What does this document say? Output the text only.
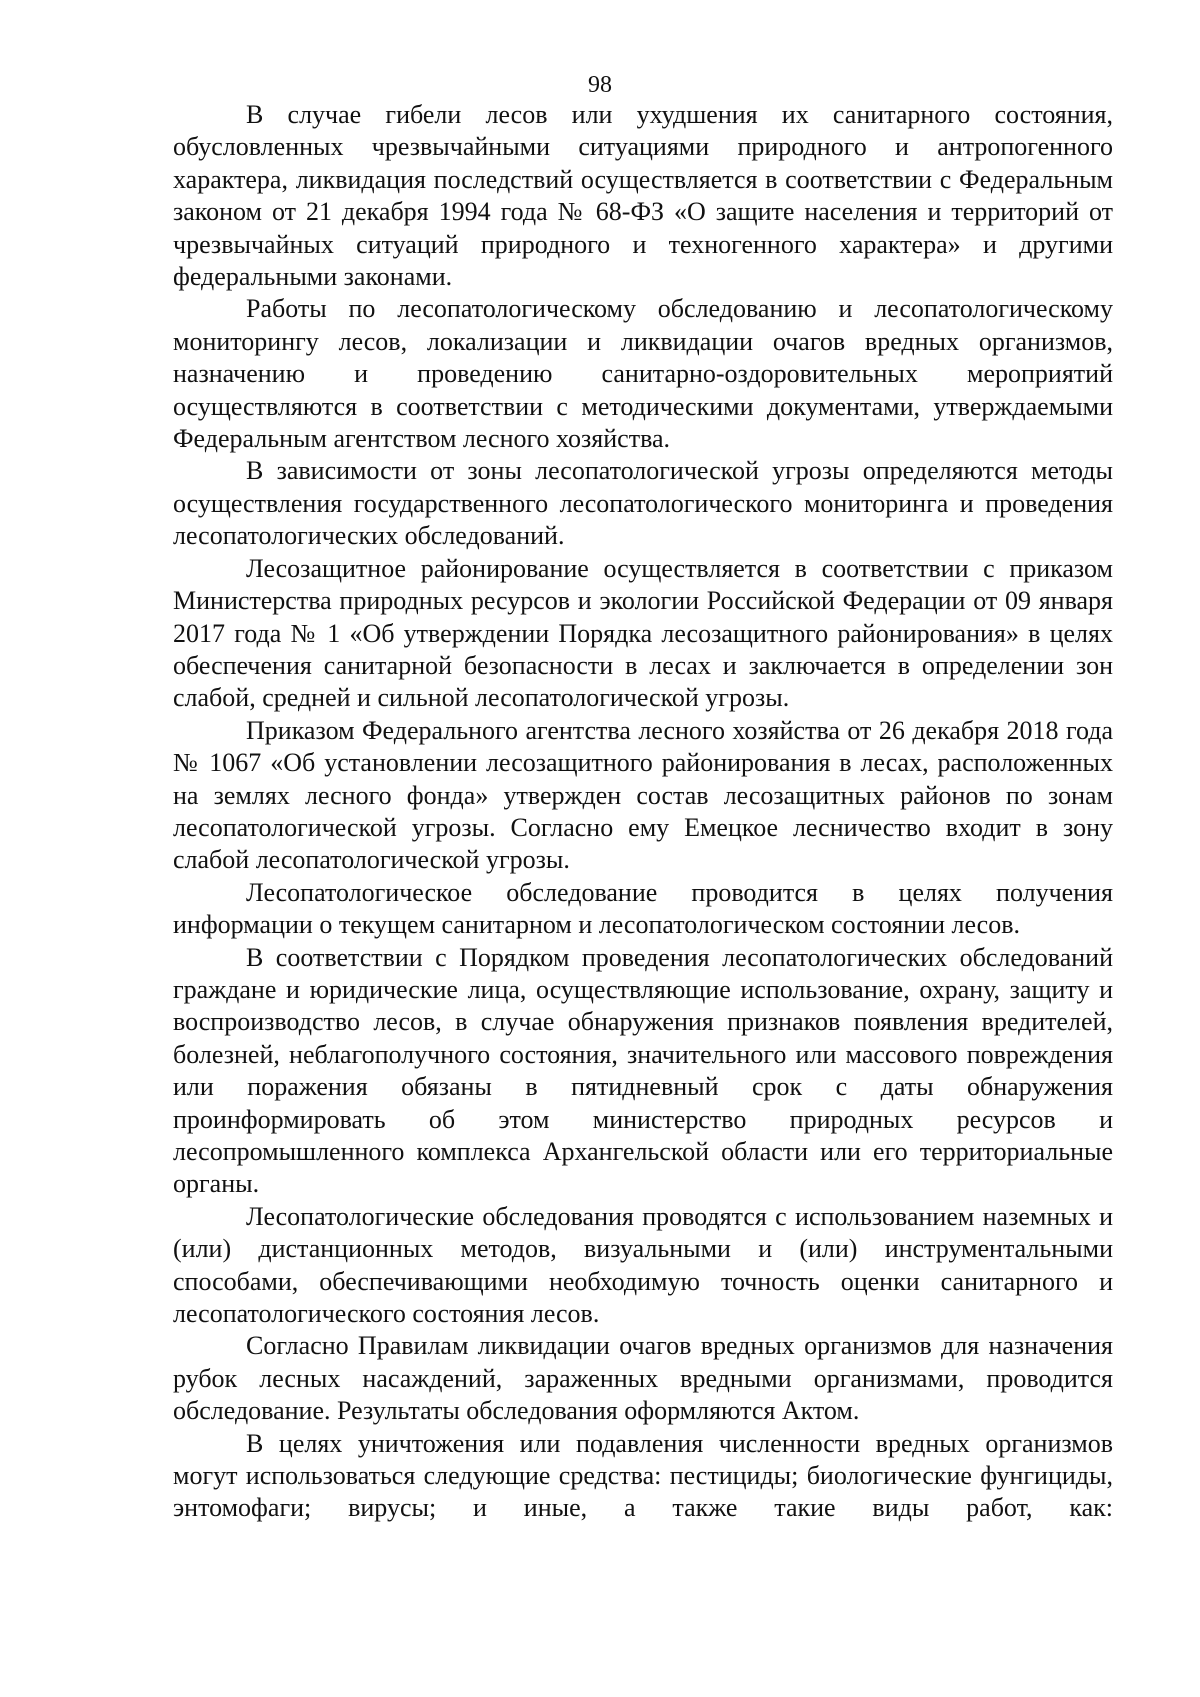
98

В случае гибели лесов или ухудшения их санитарного состояния, обусловленных чрезвычайными ситуациями природного и антропогенного характера, ликвидация последствий осуществляется в соответствии с Федеральным законом от 21 декабря 1994 года № 68-ФЗ «О защите населения и территорий от чрезвычайных ситуаций природного и техногенного характера» и другими федеральными законами.

Работы по лесопатологическому обследованию и лесопатологическому мониторингу лесов, локализации и ликвидации очагов вредных организмов, назначению и проведению санитарно-оздоровительных мероприятий осуществляются в соответствии с методическими документами, утверждаемыми Федеральным агентством лесного хозяйства.

В зависимости от зоны лесопатологической угрозы определяются методы осуществления государственного лесопатологического мониторинга и проведения лесопатологических обследований.

Лесозащитное районирование осуществляется в соответствии с приказом Министерства природных ресурсов и экологии Российской Федерации от 09 января 2017 года № 1 «Об утверждении Порядка лесозащитного районирования» в целях обеспечения санитарной безопасности в лесах и заключается в определении зон слабой, средней и сильной лесопатологической угрозы.

Приказом Федерального агентства лесного хозяйства от 26 декабря 2018 года № 1067 «Об установлении лесозащитного районирования в лесах, расположенных на землях лесного фонда» утвержден состав лесозащитных районов по зонам лесопатологической угрозы. Согласно ему Емецкое лесничество входит в зону слабой лесопатологической угрозы.

Лесопатологическое обследование проводится в целях получения информации о текущем санитарном и лесопатологическом состоянии лесов.

В соответствии с Порядком проведения лесопатологических обследований граждане и юридические лица, осуществляющие использование, охрану, защиту и воспроизводство лесов, в случае обнаружения признаков появления вредителей, болезней, неблагополучного состояния, значительного или массового повреждения или поражения обязаны в пятидневный срок с даты обнаружения проинформировать об этом министерство природных ресурсов и лесопромышленного комплекса Архангельской области или его территориальные органы.

Лесопатологические обследования проводятся с использованием наземных и (или) дистанционных методов, визуальными и (или) инструментальными способами, обеспечивающими необходимую точность оценки санитарного и лесопатологического состояния лесов.

Согласно Правилам ликвидации очагов вредных организмов для назначения рубок лесных насаждений, зараженных вредными организмами, проводится обследование. Результаты обследования оформляются Актом.

В целях уничтожения или подавления численности вредных организмов могут использоваться следующие средства: пестициды; биологические фунгициды, энтомофаги; вирусы; и иные, а также такие виды работ, как:
